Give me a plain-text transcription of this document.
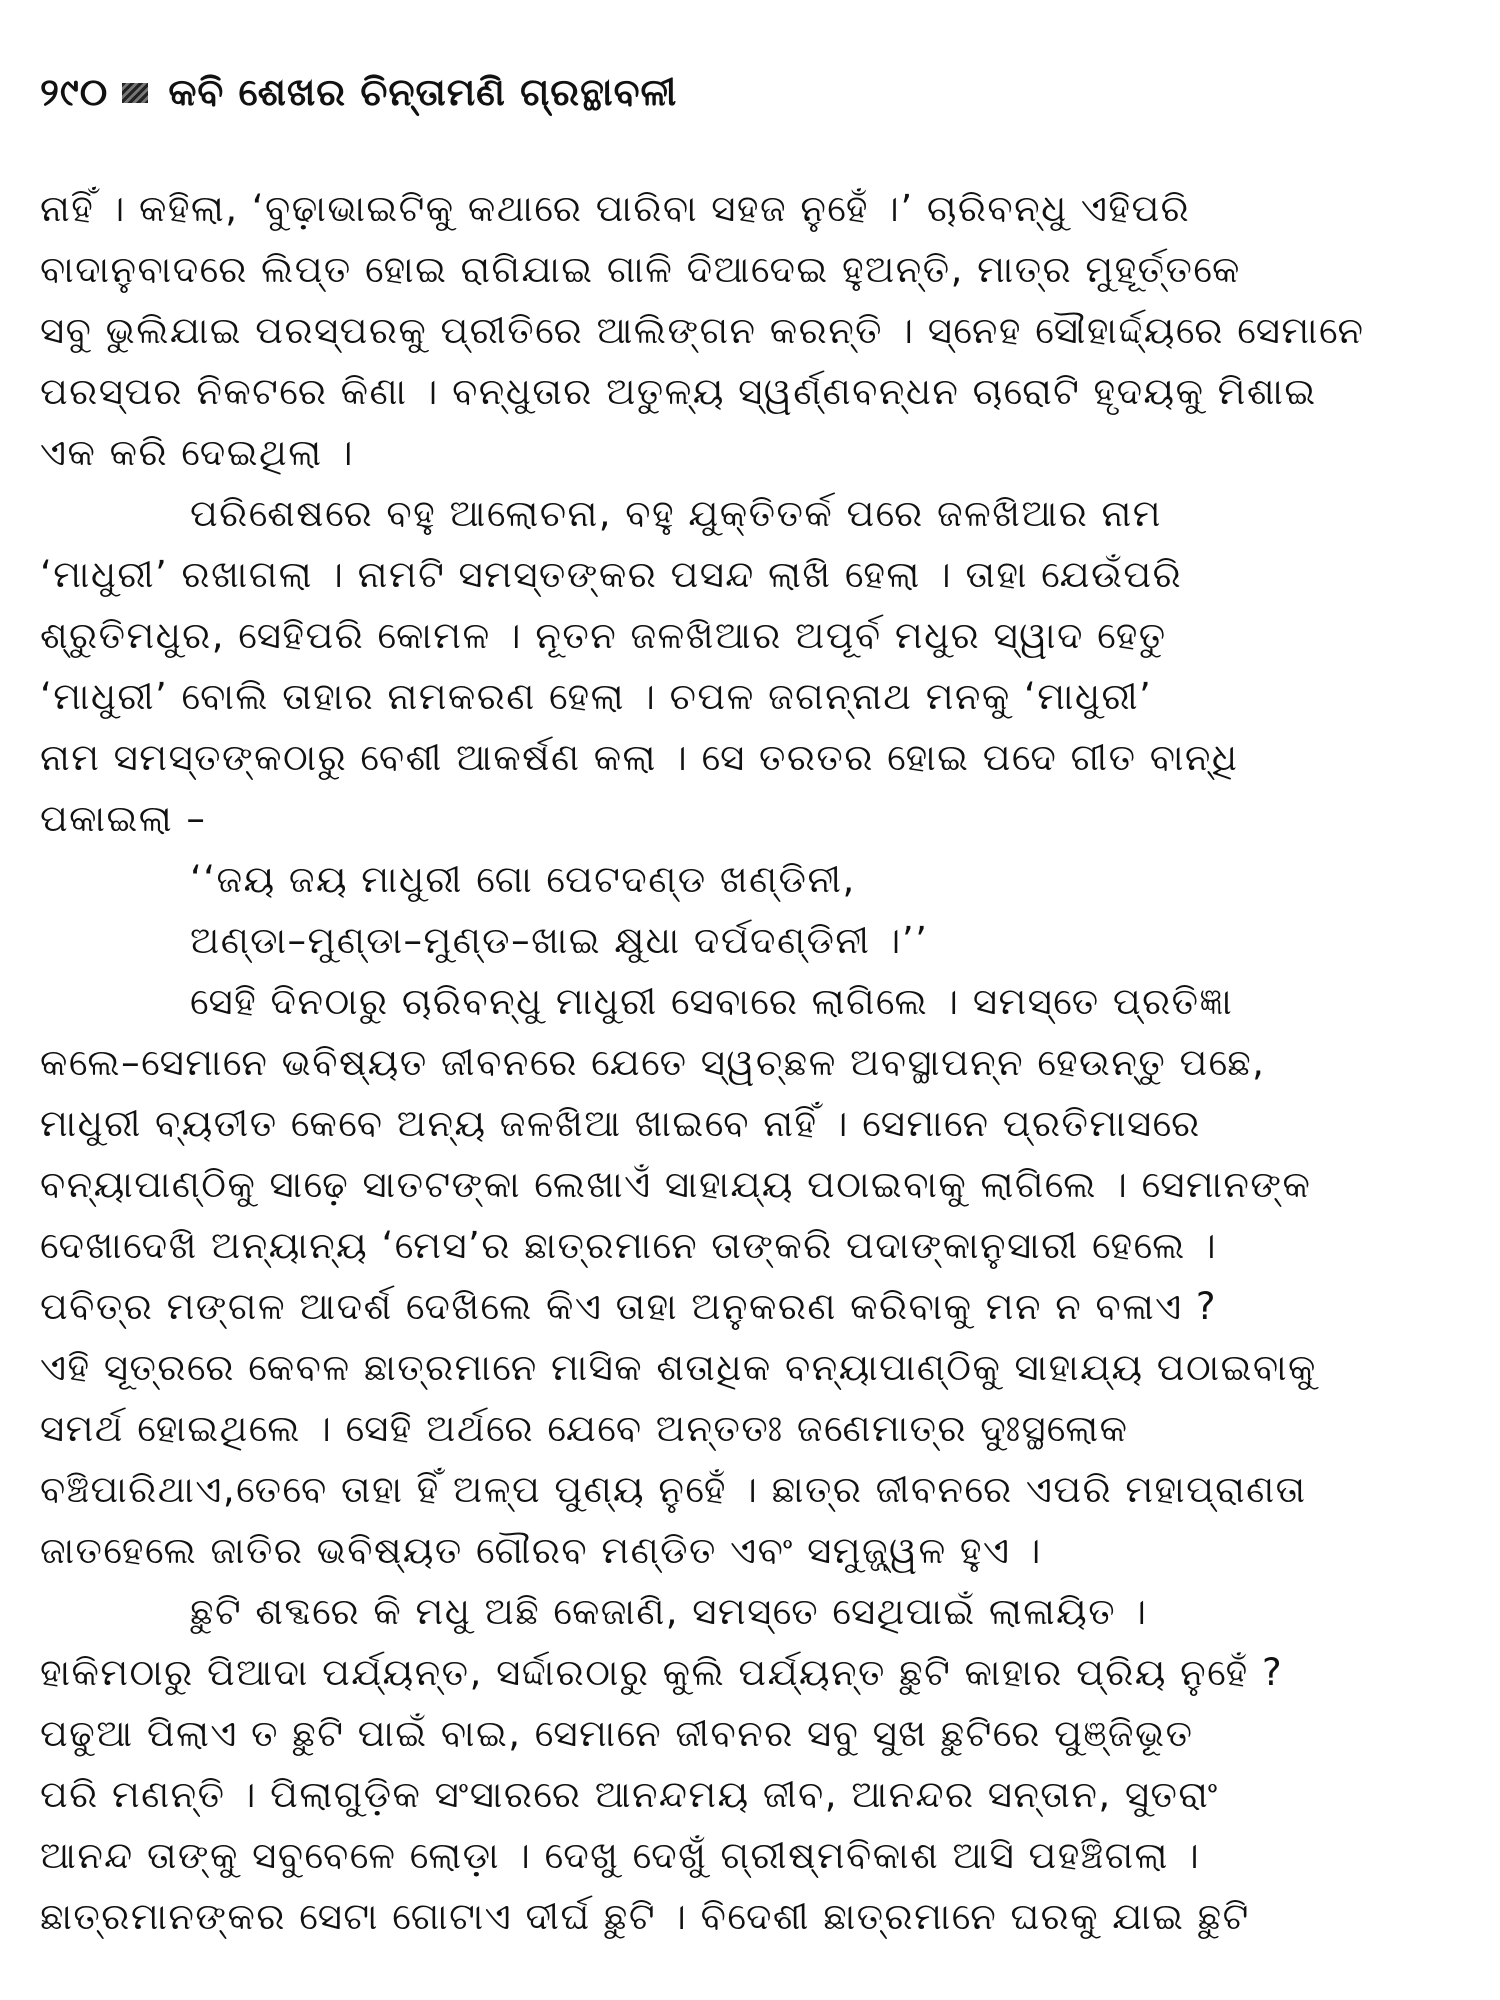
୨୯୦ କବି ଶେଖର ଚିନ୍ତାମଣି ଗ୍ରନ୍ଥାବଳୀ
ନାହିଁ । କହିଲା, ‘ବୁଢ଼ାଭାଇଟିକୁ କଥାରେ ପାରିବା ସହଜ ନୁହେଁ ।’ ଚାରିବନ୍ଧୁ ଏହିପରି
ବାଦାନୁବାଦରେ ଲିପ୍ତ ହୋଇ ରାଗିଯାଇ ଗାଳି ଦିଆଦେଇ ହୁଅନ୍ତି, ମାତ୍ର ମୁହୂର୍ତ୍ତକେ
ସବୁ ଭୁଲିଯାଇ ପରସ୍ପରକୁ ପ୍ରୀତିରେ ଆଲିଙ୍ଗନ କରନ୍ତି । ସ୍ନେହ ସୌହାର୍ଦ୍ଦ୍ୟରେ ସେମାନେ
ପରସ୍ପର ନିକଟରେ କିଣା । ବନ୍ଧୁତାର ଅତୁଳ୍ୟ ସ୍ୱର୍ଣ୍ଣବନ୍ଧନ ଚାରୋଟି ହୃଦୟକୁ ମିଶାଇ
ଏକ କରି ଦେଇଥିଲା ।
ପରିଶେଷରେ ବହୁ ଆଲୋଚନା, ବହୁ ଯୁକ୍ତିତର୍କ ପରେ ଜଳଖିଆର ନାମ
‘ମାଧୁରୀ’ ରଖାଗଲା । ନାମଟି ସମସ୍ତଙ୍କର ପସନ୍ଦ ଲାଖି ହେଲା । ତାହା ଯେଉଁପରି
ଶ୍ରୁତିମଧୁର, ସେହିପରି କୋମଳ । ନୂତନ ଜଳଖିଆର ଅପୂର୍ବ ମଧୁର ସ୍ୱାଦ ହେତୁ
‘ମାଧୁରୀ’ ବୋଲି ତାହାର ନାମକରଣ ହେଲା । ଚପଳ ଜଗନ୍ନାଥ ମନକୁ ‘ମାଧୁରୀ’
ନାମ ସମସ୍ତଙ୍କଠାରୁ ବେଶୀ ଆକର୍ଷଣ କଲା । ସେ ତରତର ହୋଇ ପଦେ ଗୀତ ବାନ୍ଧି
ପକାଇଲା –
‘‘ଜୟ ଜୟ ମାଧୁରୀ ଗୋ ପେଟଦଣ୍ଡ ଖଣ୍ଡିନୀ,
ଅଣ୍ଡା–ମୁଣ୍ଡା–ମୁଣ୍ଡ–ଖାଇ କ୍ଷୁଧା ଦର୍ପଦଣ୍ଡିନୀ ।’’
ସେହି ଦିନଠାରୁ ଚାରିବନ୍ଧୁ ମାଧୁରୀ ସେବାରେ ଲାଗିଲେ । ସମସ୍ତେ ପ୍ରତିଜ୍ଞା
କଲେ–ସେମାନେ ଭବିଷ୍ୟତ ଜୀବନରେ ଯେତେ ସ୍ୱଚ୍ଛଳ ଅବସ୍ଥାପନ୍ନ ହେଉନ୍ତୁ ପଛେ,
ମାଧୁରୀ ବ୍ୟତୀତ କେବେ ଅନ୍ୟ ଜଳଖିଆ ଖାଇବେ ନାହିଁ । ସେମାନେ ପ୍ରତିମାସରେ
ବନ୍ୟାପାଣ୍ଠିକୁ ସାଢ଼େ ସାତଟଙ୍କା ଲେଖାଏଁ ସାହାଯ୍ୟ ପଠାଇବାକୁ ଲାଗିଲେ । ସେମାନଙ୍କ
ଦେଖାଦେଖି ଅନ୍ୟାନ୍ୟ ‘ମେସ’ର ଛାତ୍ରମାନେ ତାଙ୍କରି ପଦାଙ୍କାନୁସାରୀ ହେଲେ ।
ପବିତ୍ର ମଙ୍ଗଳ ଆଦର୍ଶ ଦେଖିଲେ କିଏ ତାହା ଅନୁକରଣ କରିବାକୁ ମନ ନ ବଳାଏ ?
ଏହି ସୂତ୍ରରେ କେବଳ ଛାତ୍ରମାନେ ମାସିକ ଶତାଧିକ ବନ୍ୟାପାଣ୍ଠିକୁ ସାହାଯ୍ୟ ପଠାଇବାକୁ
ସମର୍ଥ ହୋଇଥିଲେ । ସେହି ଅର୍ଥରେ ଯେବେ ଅନ୍ତତଃ ଜଣେମାତ୍ର ଦୁଃସ୍ଥଲୋକ
ବଞ୍ଚିପାରିଥାଏ,ତେବେ ତାହା ହିଁ ଅଳ୍ପ ପୁଣ୍ୟ ନୁହେଁ । ଛାତ୍ର ଜୀବନରେ ଏପରି ମହାପ୍ରାଣତା
ଜାତହେଲେ ଜାତିର ଭବିଷ୍ୟତ ଗୌରବ ମଣ୍ଡିତ ଏବଂ ସମୁଜ୍ଜ୍ୱଳ ହୁଏ ।
ଛୁଟି ଶବ୍ଦରେ କି ମଧୁ ଅଛି କେଜାଣି, ସମସ୍ତେ ସେଥିପାଇଁ ଲାଳାୟିତ ।
ହାକିମଠାରୁ ପିଆଦା ପର୍ଯ୍ୟନ୍ତ, ସର୍ଦ୍ଦାରଠାରୁ କୁଲି ପର୍ଯ୍ୟନ୍ତ ଛୁଟି କାହାର ପ୍ରିୟ ନୁହେଁ ?
ପଢୁଆ ପିଲାଏ ତ ଛୁଟି ପାଇଁ ବାଇ, ସେମାନେ ଜୀବନର ସବୁ ସୁଖ ଛୁଟିରେ ପୁଞ୍ଜିଭୂତ
ପରି ମଣନ୍ତି । ପିଲାଗୁଡ଼ିକ ସଂସାରରେ ଆନନ୍ଦମୟ ଜୀବ, ଆନନ୍ଦର ସନ୍ତାନ, ସୁତରାଂ
ଆନନ୍ଦ ତାଙ୍କୁ ସବୁବେଳେ ଲୋଡ଼ା । ଦେଖୁ ଦେଖୁଁ ଗ୍ରୀଷ୍ମବିକାଶ ଆସି ପହଞ୍ଚିଗଲା ।
ଛାତ୍ରମାନଙ୍କର ସେଟା ଗୋଟାଏ ଦୀର୍ଘ ଛୁଟି । ବିଦେଶୀ ଛାତ୍ରମାନେ ଘରକୁ ଯାଇ ଛୁଟି
